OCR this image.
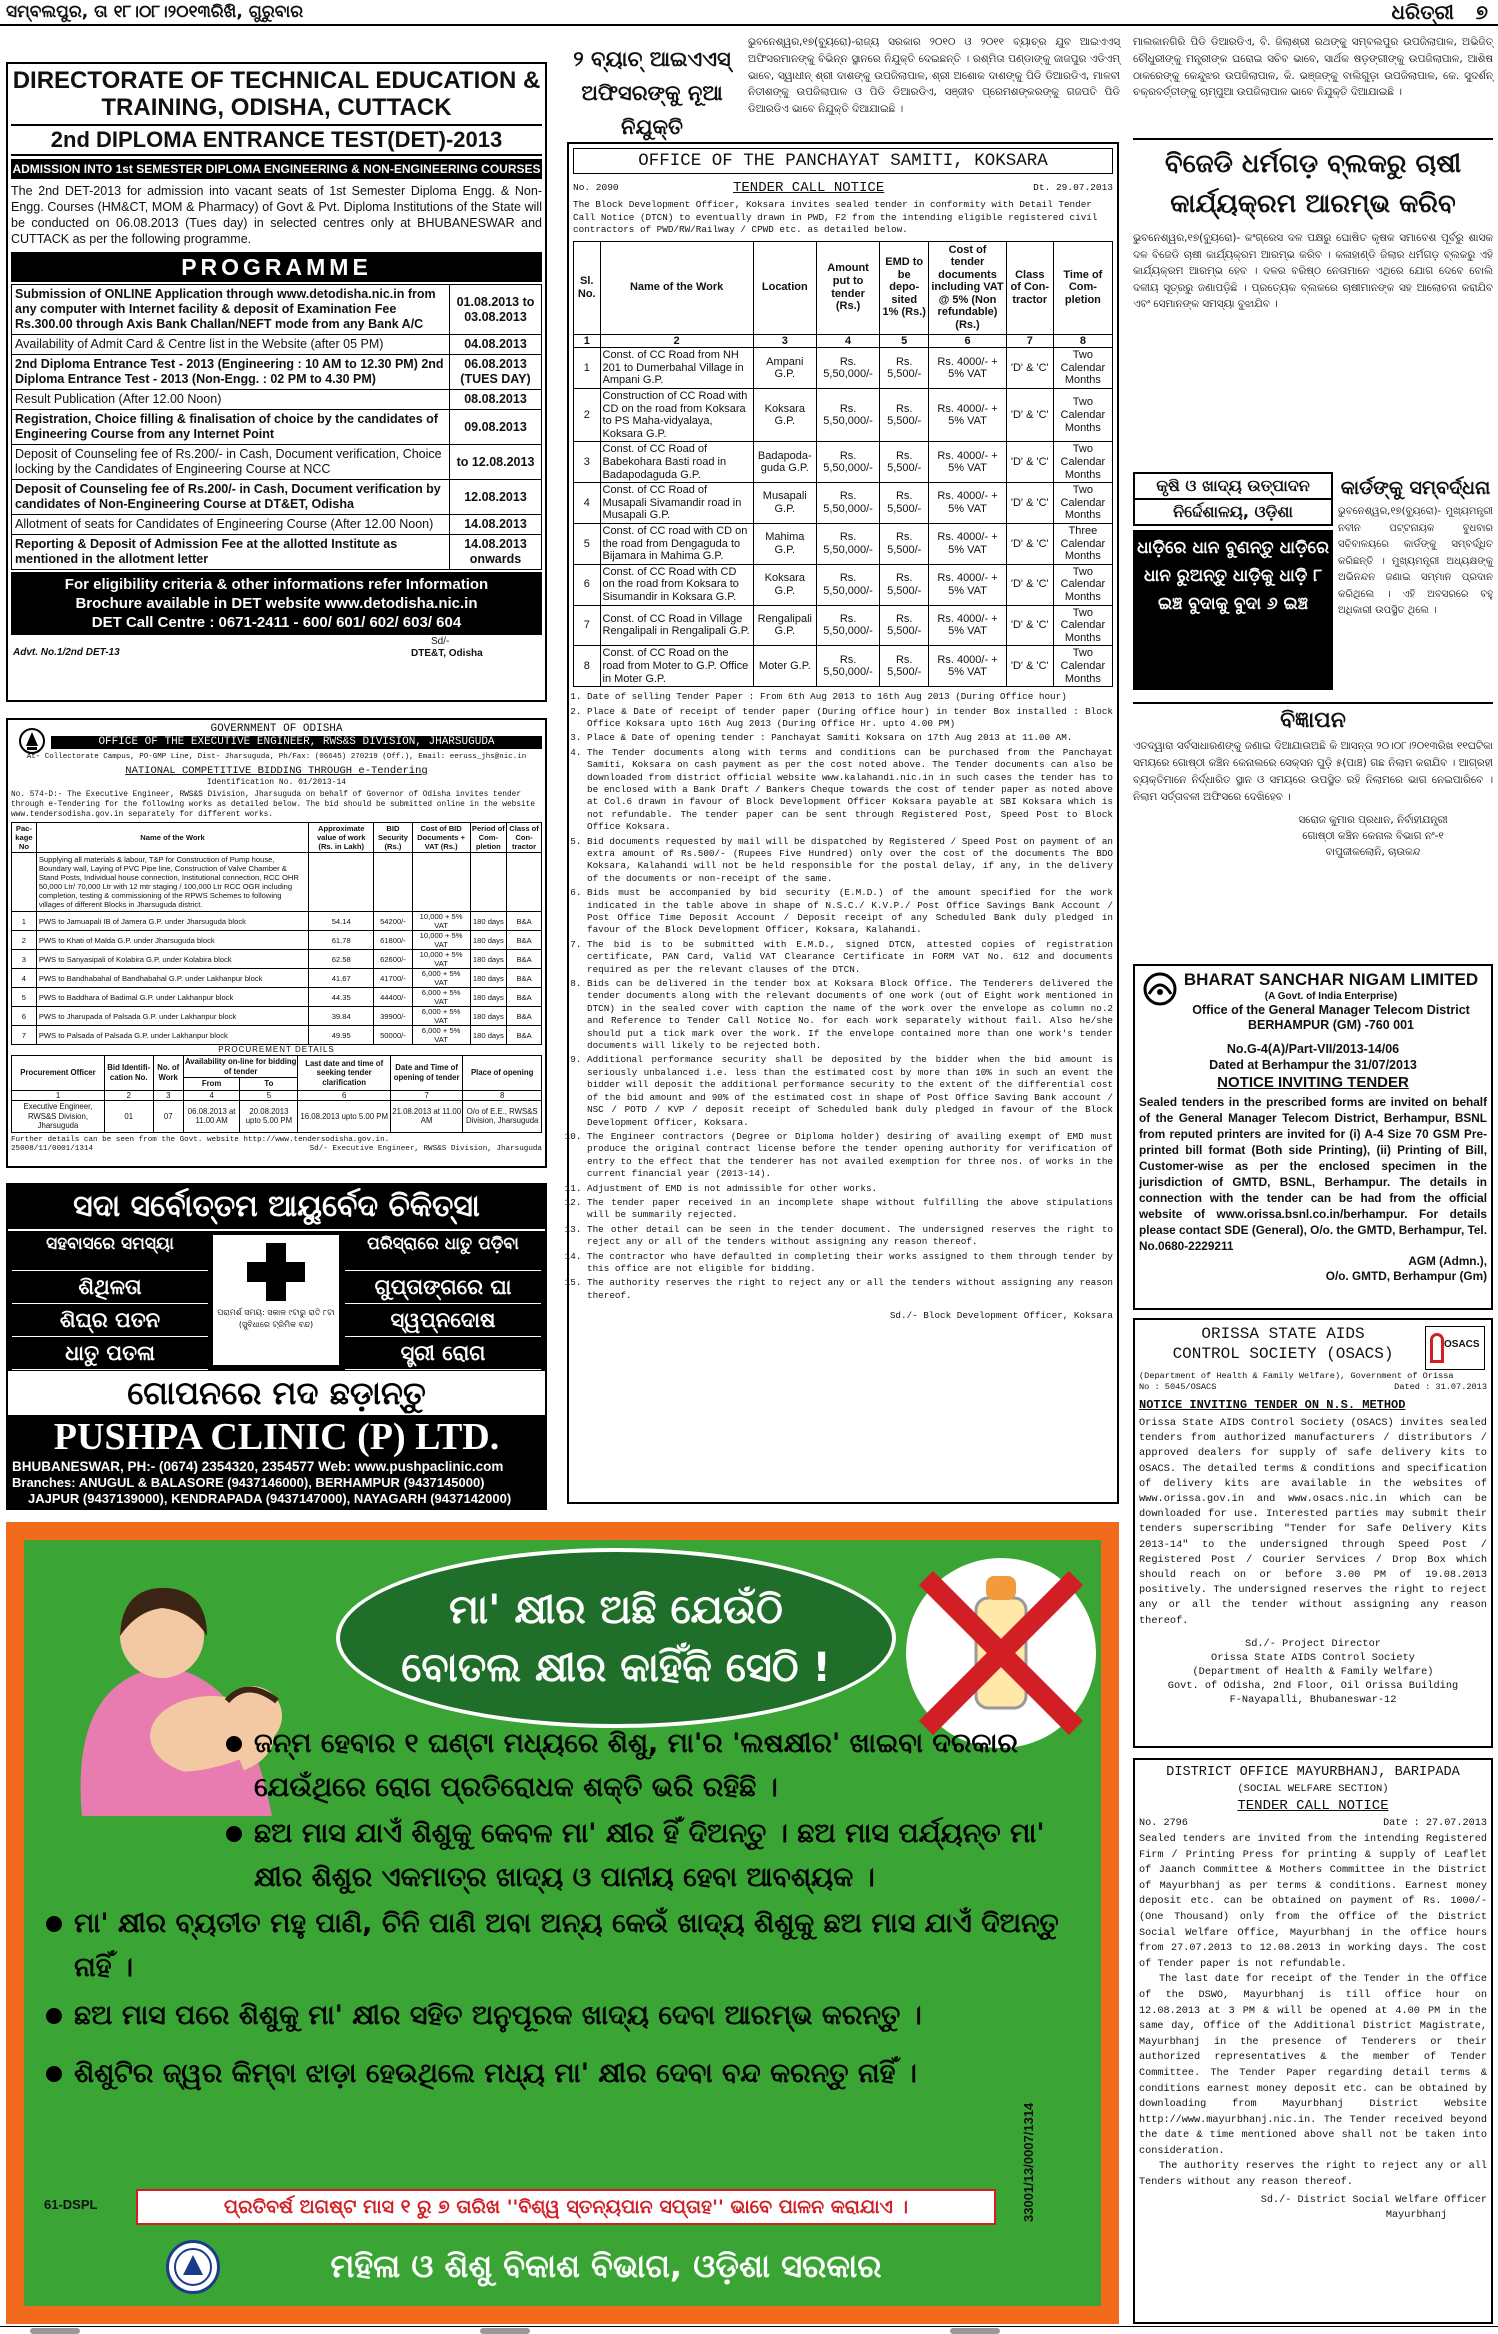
ସମ୍ବଲପୁର, ତା ୧୮।୦୮।୨୦୧୩ରିଖି, ଗୁରୁବାର	ଧରିତ୍ରୀ ୭
DIRECTORATE OF TECHNICAL EDUCATION &
TRAINING, ODISHA, CUTTACK
2nd DIPLOMA ENTRANCE TEST(DET)-2013
ADMISSION INTO 1st SEMESTER DIPLOMA ENGINEERING & NON-ENGINEERING COURSES
The 2nd DET-2013 for admission into vacant seats of 1st Semester Diploma Engg. & Non-Engg. Courses (HM&CT, MOM & Pharmacy) of Govt & Pvt. Diploma Institutions of the State will be conducted on 06.08.2013 (Tues day) in selected centres only at BHUBANESWAR and CUTTACK as per the following programme.
PROGRAMME
Submission of ONLINE Application through www.detodisha.nic.in from any computer with Internet facility & deposit of Examination Fee Rs.300.00 through Axis Bank Challan/NEFT mode from any Bank A/C	01.08.2013 to 03.08.2013
Availability of Admit Card & Centre list in the Website (after 05 PM)	04.08.2013
2nd Diploma Entrance Test - 2013 (Engineering : 10 AM to 12.30 PM) 2nd Diploma Entrance Test - 2013 (Non-Engg. : 02 PM to 4.30 PM)	06.08.2013 (TUES DAY)
Result Publication (After 12.00 Noon)	08.08.2013
Registration, Choice filling & finalisation of choice by the candidates of Engineering Course from any Internet Point	09.08.2013
Deposit of Counseling fee of Rs.200/- in Cash, Document verification, Choice locking by the Candidates of Engineering Course at NCC	to 12.08.2013
Deposit of Counseling fee of Rs.200/- in Cash, Document verification by candidates of Non-Engineering Course at DT&ET, Odisha	12.08.2013
Allotment of seats for Candidates of Engineering Course (After 12.00 Noon)	14.08.2013
Reporting & Deposit of Admission Fee at the allotted Institute as mentioned in the allotment letter	14.08.2013 onwards
For eligibility criteria & other informations refer Information
Brochure available in DET website www.detodisha.nic.in
DET Call Centre : 0671-2411 - 600/ 601/ 602/ 603/ 604
Advt. No.1/2nd DET-13
Sd/-
DTE&T, Odisha
GOVERNMENT OF ODISHA
OFFICE OF THE EXECUTIVE ENGINEER, RWS&S DIVISION, JHARSUGUDA
At- Collectorate Campus, PO-GMP Line, Dist- Jharsuguda, Ph/Fax: (06645) 270219 (Off.), Email: eeruss_jhs@nic.in
NATIONAL COMPETITIVE BIDDING THROUGH e-Tendering
Identification No. 01/2013-14
No. 574-D:- The Executive Engineer, RWS&S Division, Jharsuguda on behalf of Governor of Odisha invites tender through e-Tendering for the following works as detailed below. The bid should be submitted online in the website www.tendersodisha.gov.in separately for different works.
Pac-kage No	Name of the Work	Approximate value of work (Rs. in Lakh)	BID Security (Rs.)	Cost of BID Documents + VAT (Rs.)	Period of Com-pletion	Class of Con-tractor
	Supplying all materials & labour, T&P for Construction of Pump house, Boundary wall, Laying of PVC Pipe line, Construction of Valve Chamber & Stand Posts, Individual house connection, Institutional connection, RCC OHR 50,000 Ltr/ 70,000 Ltr with 12 mtr staging / 100,000 Ltr RCC OGR including completion, testing & commissioning of the RPWS Schemes to following villages of different Blocks in Jharsuguda district.					
1	PWS to Jamuapali IB of Jamera G.P. under Jharsuguda block	54.14	54200/-	10,000 + 5% VAT	180 days	B&A
2	PWS to Khati of Malda G.P. under Jharsuguda block	61.78	61800/-	10,000 + 5% VAT	180 days	B&A
3	PWS to Sanyasipali of Kolabira G.P. under Kolabira block	62.58	62600/-	10,000 + 5% VAT	180 days	B&A
4	PWS to Bandhabahal of Bandhabahal G.P. under Lakhanpur block	41.67	41700/-	6,000 + 5% VAT	180 days	B&A
5	PWS to Baddhara of Badimal G.P. under Lakhanpur block	44.35	44400/-	6,000 + 5% VAT	180 days	B&A
6	PWS to Jharupada of Palsada G.P. under Lakhanpur block	39.84	39900/-	6,000 + 5% VAT	180 days	B&A
7	PWS to Palsada of Palsada G.P. under Lakhanpur block	49.95	50000/-	6,000 + 5% VAT	180 days	B&A
PROCUREMENT DETAILS
Procurement Officer	Bid Identifi-cation No.	No. of Work	Availability on-line for bidding of tender		Last date and time of seeking tender clarification	Date and Time of opening of tender	Place of opening
			From	To			
1	2	3	4	5	6	7	8
Executive Engineer, RWS&S Division, Jharsuguda	01	07	06.08.2013 at 11.00 AM	20.08.2013 upto 5.00 PM	16.08.2013 upto 5.00 PM	21.08.2013 at 11.00 AM	O/o of E.E., RWS&S Division, Jharsuguda
Further details can be seen from the Govt. website http://www.tendersodisha.gov.in.
25008/11/0001/1314	Sd/- Executive Engineer, RWS&S Division, Jharsuguda
ସଦା ସର୍ବୋତ୍ତମ ଆୟୁର୍ବେଦ ଚିକିତ୍ସା
ସହବାସରେ ସମସ୍ୟା
ଶିଥିଳତା
ଶିଘ୍ର ପତନ
ଧାତୁ ପତଳା
ପରିସ୍ରାରେ ଧାତୁ ପଡ଼ିବା
ଗୁପ୍ତାଙ୍ଗରେ ଘା
ସ୍ୱପ୍ନଦୋଷ
ସ୍ତ୍ରୀ ରୋଗ
ପରାମର୍ଶ ସମୟ: ସକାଳ ୯ଟାରୁ ରାତି ୮ଟା (ସୁବିଧାରେ ଟ୍ରିମିକ ବନ୍ଦ)
ଗୋପନରେ ମଦ ଛଡ଼ାନ୍ତୁ
PUSHPA CLINIC (P) LTD.
BHUBANESWAR, PH:- (0674) 2354320, 2354577 Web: www.pushpaclinic.com
Branches: ANUGUL & BALASORE (9437146000), BERHAMPUR (9437145000)
JAJPUR (9437139000), KENDRAPADA (9437147000), NAYAGARH (9437142000)
୨ ବ୍ୟାଚ୍ ଆଇଏଏସ୍ ଅଫିସରଙ୍କୁ ନୂଆ ନିଯୁକ୍ତି
ଭୁବନେଶ୍ୱର,୧୭(ବ୍ୟୁରୋ)-ରାଜ୍ୟ ସରକାର ୨୦୧୦ ଓ ୨୦୧୧ ବ୍ୟାଚ୍‌ର ଯୁବ ଆଇଏଏସ୍ ଅଫିସରମାନଙ୍କୁ ବିଭିନ୍ନ ସ୍ଥାନରେ ନିଯୁକ୍ତି ଦେଇଛନ୍ତି । ରଶ୍ମିତା ପଣ୍ଡାଙ୍କୁ ଜାଜପୁର ଏଡିଏମ୍ ଭାବେ, ସ୍ୱାଧୀନ୍ ଶ୍ରୀ ଦାଶଙ୍କୁ ଉପଜିଲାପାଳ, ଶ୍ରୀ ଅଶୋକ ଦାଶଙ୍କୁ ପିଡି ଡିଆରଡିଏ, ମାଳବୀ ନିତୀଶଙ୍କୁ ଉପଜିଲାପାଳ ଓ ପିଡି ଡିଆରଡିଏ, ସଞ୍ଜୀବ ପ୍ରେମଶଙ୍କରଙ୍କୁ ଗଜପତି ପିଡି ଡିଆରଡିଏ ଭାବେ ନିଯୁକ୍ତି ଦିଆଯାଇଛି ।
OFFICE OF THE PANCHAYAT SAMITI, KOKSARA
No. 2090	TENDER CALL NOTICE	Dt. 29.07.2013
The Block Development Officer, Koksara invites sealed tender in conformity with Detail Tender Call Notice (DTCN) to eventually drawn in PWD, F2 from the intending eligible registered civil contractors of PWD/RW/Railway / CPWD etc. as detailed below.
Sl. No.	Name of the Work	Location	Amount put to tender (Rs.)	EMD to be depo-sited 1% (Rs.)	Cost of tender documents including VAT @ 5% (Non refundable) (Rs.)	Class of Con-tractor	Time of Com-pletion
1	2	3	4	5	6	7	8
1	Const. of CC Road from NH 201 to Dumerbahal Village in Ampani G.P.	Ampani G.P.	Rs. 5,50,000/-	Rs. 5,500/-	Rs. 4000/- + 5% VAT	'D' & 'C'	Two Calendar Months
2	Construction of CC Road with CD on the road from Koksara to PS Maha-vidyalaya, Koksara G.P.	Koksara G.P.	Rs. 5,50,000/-	Rs. 5,500/-	Rs. 4000/- + 5% VAT	'D' & 'C'	Two Calendar Months
3	Const. of CC Road of Babekohara Basti road in Badapodaguda G.P.	Badapoda-guda G.P.	Rs. 5,50,000/-	Rs. 5,500/-	Rs. 4000/- + 5% VAT	'D' & 'C'	Two Calendar Months
4	Const. of CC Road of Musapali Sivamandir road in Musapali G.P.	Musapali G.P.	Rs. 5,50,000/-	Rs. 5,500/-	Rs. 4000/- + 5% VAT	'D' & 'C'	Two Calendar Months
5	Const. of CC road with CD on the road from Dengaguda to Bijamara in Mahima G.P.	Mahima G.P.	Rs. 5,50,000/-	Rs. 5,500/-	Rs. 4000/- + 5% VAT	'D' & 'C'	Three Calendar Months
6	Const. of CC Road with CD on the road from Koksara to Sisumandir in Koksara G.P.	Koksara G.P.	Rs. 5,50,000/-	Rs. 5,500/-	Rs. 4000/- + 5% VAT	'D' & 'C'	Two Calendar Months
7	Const. of CC Road in Village Rengalipali in Rengalipali G.P.	Rengalipali G.P.	Rs. 5,50,000/-	Rs. 5,500/-	Rs. 4000/- + 5% VAT	'D' & 'C'	Two Calendar Months
8	Const. of CC Road on the road from Moter to G.P. Office in Moter G.P.	Moter G.P.	Rs. 5,50,000/-	Rs. 5,500/-	Rs. 4000/- + 5% VAT	'D' & 'C'	Two Calendar Months
1. Date of selling Tender Paper : From 6th Aug 2013 to 16th Aug 2013 (During Office hour)
2. Place & Date of receipt of tender paper (During office hour) in tender Box installed : Block Office Koksara upto 16th Aug 2013 (During Office Hr. upto 4.00 PM)
3. Place & Date of opening tender : Panchayat Samiti Koksara on 17th Aug 2013 at 11.00 AM.
4. The Tender documents along with terms and conditions can be purchased from the Panchayat Samiti, Koksara on cash payment as per the cost noted above. The Tender documents can also be downloaded from district official website www.kalahandi.nic.in in such cases the tender has to be enclosed with a Bank Draft / Bankers Cheque towards the cost of tender paper as noted above at Col.6 drawn in favour of Block Development Officer Koksara payable at SBI Koksara which is not refundable. The tender paper can be sent through Registered Post, Speed Post to Block Office Koksara.
5. Bid documents requested by mail will be dispatched by Registered / Speed Post on payment of an extra amount of Rs.500/- (Rupees Five Hundred) only over the cost of the documents The BDO Koksara, Kalahandi will not be held responsible for the postal delay, if any, in the delivery of the documents or non-receipt of the same.
6. Bids must be accompanied by bid security (E.M.D.) of the amount specified for the work indicated in the table above in shape of N.S.C./ K.V.P./ Post Office Savings Bank Account / Post Office Time Deposit Account / Deposit receipt of any Scheduled Bank duly pledged in favour of the Block Development Officer, Koksara, Kalahandi.
7. The bid is to be submitted with E.M.D., signed DTCN, attested copies of registration certificate, PAN Card, Valid VAT Clearance Certificate in FORM VAT No. 612 and documents required as per the relevant clauses of the DTCN.
8. Bids can be delivered in the tender box at Koksara Block Office. The Tenderers delivered the tender documents along with the relevant documents of one work (out of Eight work mentioned in DTCN) in the sealed cover with caption the name of the work over the envelope as column no.2 and Reference to Tender Call Notice No. for each work separately without fail. Also he/she should put a tick mark over the work. If the envelope contained more than one work's tender documents will likely to be rejected both.
9. Additional performance security shall be deposited by the bidder when the bid amount is seriously unbalanced i.e. less than the estimated cost by more than 10% in such an event the bidder will deposit the additional performance security to the extent of the differential cost of the bid amount and 90% of the estimated cost in shape of Post Office Saving Bank account / NSC / POTD / KVP / deposit receipt of Scheduled bank duly pledged in favour of the Block Development Officer, Koksara.
10. The Engineer contractors (Degree or Diploma holder) desiring of availing exempt of EMD must produce the original contract license before the tender opening authority for verification of entry to the effect that the tenderer has not availed exemption for three nos. of works in the current financial year (2013-14).
11. Adjustment of EMD is not admissible for other works.
12. The tender paper received in an incomplete shape without fulfilling the above stipulations will be summarily rejected.
13. The other detail can be seen in the tender document. The undersigned reserves the right to reject any or all of the tenders without assigning any reason thereof.
14. The contractor who have defaulted in completing their works assigned to them through tender by this office are not eligible for bidding.
15. The authority reserves the right to reject any or all the tenders without assigning any reason thereof.
Sd./- Block Development Officer, Koksara
ମାଲକାନଗିରି ପିଡି ଡିଆରଡିଏ, ବି. ଜିଲାଶ୍ରୀ ରଥଙ୍କୁ ସମ୍ବଲପୁର ଉପଜିଲାପାଳ, ଅଭିଜିତ୍ ଚୌଧୁରୀଙ୍କୁ ମନ୍ତ୍ରୀଙ୍କ ଘରୋଇ ସଚିବ ଭାବେ, ସାର୍ଥକ ଷଡ଼ଙ୍ଗୀଙ୍କୁ ଉପଜିଲାପାଳ, ଆଶିଷ ଠାକରେଙ୍କୁ କେନ୍ଦୁଝର ଉପଜିଲାପାଳ, କି. ଭଞ୍ଜଙ୍କୁ ବାଲିଗୁଡ଼ା ଉପଜିଲାପାଳ, କେ. ସୁଦର୍ଶନ୍ ଚକ୍ରବର୍ତ୍ତୀଙ୍କୁ ଚାମ୍ପୁଆ ଉପଜିଲାପାଳ ଭାବେ ନିଯୁକ୍ତି ଦିଆଯାଇଛି ।
ବିଜେଡି ଧର୍ମଗଡ଼ ବ୍ଲକରୁ ଚାଷୀ କାର୍ଯ୍ୟକ୍ରମ ଆରମ୍ଭ କରିବ
ଭୁବନେଶ୍ୱର,୧୭(ବ୍ୟୁରୋ)- କଂଗ୍ରେସ ଦଳ ପକ୍ଷରୁ ଘୋଷିତ କୃଷକ ସମାବେଶ ପୂର୍ବରୁ ଶାସକ ଦଳ ବିଜେଡି ଚାଷୀ କାର୍ଯ୍ୟକ୍ରମ ଆରମ୍ଭ କରିବ । କଳାହାଣ୍ଡି ଜିଲାର ଧର୍ମଗଡ଼ ବ୍ଲକରୁ ଏହି କାର୍ଯ୍ୟକ୍ରମ ଆରମ୍ଭ ହେବ । ଦଳର ବରିଷ୍ଠ ନେତାମାନେ ଏଥିରେ ଯୋଗ ଦେବେ ବୋଲି ଦଳୀୟ ସୂତ୍ରରୁ ଜଣାପଡ଼ିଛି । ପ୍ରତ୍ୟେକ ବ୍ଲକରେ ଚାଷୀମାନଙ୍କ ସହ ଆଲୋଚନା କରାଯିବ ଏବଂ ସେମାନଙ୍କ ସମସ୍ୟା ବୁଝାଯିବ ।
କୃଷି ଓ ଖାଦ୍ୟ ଉତ୍ପାଦନ
ନିର୍ଦ୍ଦେଶାଳୟ, ଓଡ଼ିଶା
ଧାଡ଼ିରେ ଧାନ ବୁଣନ୍ତୁ ଧାଡ଼ିରେ ଧାନ ରୁଅନ୍ତୁ ଧାଡ଼ିକୁ ଧାଡ଼ି ୮ ଇଞ୍ଚ ବୁଦାକୁ ବୁଦା ୬ ଇଞ୍ଚ
କାର୍ଡଙ୍କୁ ସମ୍ବର୍ଦ୍ଧନା
ଭୁବନେଶ୍ୱର,୧୭(ବ୍ୟୁରୋ)- ମୁଖ୍ୟମନ୍ତ୍ରୀ ନବୀନ ପଟ୍ଟନାୟକ ବୁଧବାର ସଚିବାଳୟରେ କାର୍ଡଙ୍କୁ ସମ୍ବର୍ଦ୍ଧିତ କରିଛନ୍ତି । ମୁଖ୍ୟମନ୍ତ୍ରୀ ଅଧ୍ୟକ୍ଷଙ୍କୁ ଅଭିନନ୍ଦନ ଜଣାଇ ସମ୍ମାନ ପ୍ରଦାନ କରିଥିଲେ । ଏହି ଅବସରରେ ବହୁ ଅଧିକାରୀ ଉପସ୍ଥିତ ଥିଲେ ।
ବିଜ୍ଞାପନ
ଏତଦ୍ୱାରା ସର୍ବସାଧାରଣଙ୍କୁ ଜଣାଇ ଦିଆଯାଉଅଛି କି ଆସନ୍ତା ୨୦।୦୮।୨୦୧୩ରିଖ ୧୧ଘଟିକା ସମୟରେ ଗୋଷ୍ଠୀ କଞ୍ଚିନ କେନାଲରେ ସେକ୍ସନ ପୁଡ଼ି ୫(ପାଞ୍ଚ) ଗଛ ନିଲାମ କରାଯିବ । ଆଗ୍ରହୀ ବ୍ୟକ୍ତିମାନେ ନିର୍ଦ୍ଧାରିତ ସ୍ଥାନ ଓ ସମୟରେ ଉପସ୍ଥିତ ରହି ନିଲାମରେ ଭାଗ ନେଇପାରିବେ । ନିଲାମ ସର୍ତ୍ତାବଳୀ ଅଫିସରେ ଦେଖିହେବ ।
ସରୋଜ କୁମାର ପ୍ରଧାନ, ନିର୍ବାହୀଯନ୍ତ୍ରୀ
ଗୋଷ୍ଠୀ କଞ୍ଚିନ କେନାଲ ବିଭାଗ ନଂ-୧
ବାପୁଜୀକଲୋନି, ଚାଉକନ୍ଦ
BHARAT SANCHAR NIGAM LIMITED
(A Govt. of India Enterprise)
Office of the General Manager Telecom District
BERHAMPUR (GM) -760 001
No.G-4(A)/Part-VII/2013-14/06
Dated at Berhampur the 31/07/2013
NOTICE INVITING TENDER
Sealed tenders in the prescribed forms are invited on behalf of the General Manager Telecom District, Berhampur, BSNL from reputed printers are invited for (i) A-4 Size 70 GSM Pre-printed bill format (Both side Printing), (ii) Printing of Bill, Customer-wise as per the enclosed specimen in the jurisdiction of GMTD, BSNL, Berhampur. The details in connection with the tender can be had from the official website of www.orissa.bsnl.co.in/berhampur. For details please contact SDE (General), O/o. the GMTD, Berhampur, Tel. No.0680-2229211
AGM (Admn.),
O/o. GMTD, Berhampur (Gm)
OSACS
ORISSA STATE AIDS
CONTROL SOCIETY (OSACS)
(Department of Health & Family Welfare), Government of Orissa
No : 5045/OSACS	Dated : 31.07.2013
NOTICE INVITING TENDER ON N.S. METHOD
Orissa State AIDS Control Society (OSACS) invites sealed tenders from authorized manufacturers / distributors / approved dealers for supply of safe delivery kits to OSACS. The detailed terms & conditions and specification of delivery kits are available in the websites of www.orissa.gov.in and www.osacs.nic.in which can be downloaded for use. Interested parties may submit their tenders superscribing "Tender for Safe Delivery Kits 2013-14" to the undersigned through Speed Post / Registered Post / Courier Services / Drop Box which should reach on or before 3.00 PM of 19.08.2013 positively. The undersigned reserves the right to reject any or all the tender without assigning any reason thereof.
Sd./- Project Director
Orissa State AIDS Control Society
(Department of Health & Family Welfare)
Govt. of Odisha, 2nd Floor, Oil Orissa Building
F-Nayapalli, Bhubaneswar-12
DISTRICT OFFICE MAYURBHANJ, BARIPADA
(SOCIAL WELFARE SECTION)
TENDER CALL NOTICE
No. 2796	Date : 27.07.2013
Sealed tenders are invited from the intending Registered Firm / Printing Press for printing & supply of Leaflet of Jaanch Committee & Mothers Committee in the District of Mayurbhanj as per terms & conditions. Earnest money deposit etc. can be obtained on payment of Rs. 1000/- (One Thousand) only from the Office of the District Social Welfare Office, Mayurbhanj in the office hours from 27.07.2013 to 12.08.2013 in working days. The cost of Tender paper is not refundable.
The last date for receipt of the Tender in the Office of the DSWO, Mayurbhanj is till office hour on 12.08.2013 at 3 PM & will be opened at 4.00 PM in the same day, Office of the Additional District Magistrate, Mayurbhanj in the presence of Tenderers or their authorized representatives & the member of Tender Committee. The Tender Paper regarding detail terms & conditions earnest money deposit etc. can be obtained by downloading from Mayurbhanj District Website http://www.mayurbhanj.nic.in. The Tender received beyond the date & time mentioned above shall not be taken into consideration.
The authority reserves the right to reject any or all Tenders without any reason thereof.
Sd./- District Social Welfare Officer
Mayurbhanj
ମା' କ୍ଷୀର ଅଛି ଯେଉଁଠି
ବୋତଲ କ୍ଷୀର କାହିଁକି ସେଠି !
ଜନ୍ମ ହେବାର ୧ ଘଣ୍ଟା ମଧ୍ୟରେ ଶିଶୁ, ମା'ର 'ଲଷକ୍ଷୀର' ଖାଇବା ଦରକାର ଯେଉଁଥିରେ ରୋଗ ପ୍ରତିରୋଧକ ଶକ୍ତି ଭରି ରହିଛି ।
ଛଅ ମାସ ଯାଏଁ ଶିଶୁକୁ କେବଳ ମା' କ୍ଷୀର ହିଁ ଦିଅନ୍ତୁ । ଛଅ ମାସ ପର୍ଯ୍ୟନ୍ତ ମା' କ୍ଷୀର ଶିଶୁର ଏକମାତ୍ର ଖାଦ୍ୟ ଓ ପାନୀୟ ହେବା ଆବଶ୍ୟକ ।
ମା' କ୍ଷୀର ବ୍ୟତୀତ ମହୁ ପାଣି, ଚିନି ପାଣି ଅବା ଅନ୍ୟ କେଉଁ ଖାଦ୍ୟ ଶିଶୁକୁ ଛଅ ମାସ ଯାଏଁ ଦିଅନ୍ତୁ ନାହିଁ ।
ଛଅ ମାସ ପରେ ଶିଶୁକୁ ମା' କ୍ଷୀର ସହିତ ଅନୁପୂରକ ଖାଦ୍ୟ ଦେବା ଆରମ୍ଭ କରନ୍ତୁ ।
ଶିଶୁଟିର ଜ୍ୱର କିମ୍ବା ଝାଡ଼ା ହେଉଥିଲେ ମଧ୍ୟ ମା' କ୍ଷୀର ଦେବା ବନ୍ଦ କରନ୍ତୁ ନାହିଁ ।
ପ୍ରତିବର୍ଷ ଅଗଷ୍ଟ ମାସ ୧ ରୁ ୭ ତାରିଖ ''ବିଶ୍ୱ ସ୍ତନ୍ୟପାନ ସପ୍ତାହ'' ଭାବେ ପାଳନ କରାଯାଏ ।
61-DSPL	33001/13/0007/1314
ମହିଳା ଓ ଶିଶୁ ବିକାଶ ବିଭାଗ, ଓଡ଼ିଶା ସରକାର
